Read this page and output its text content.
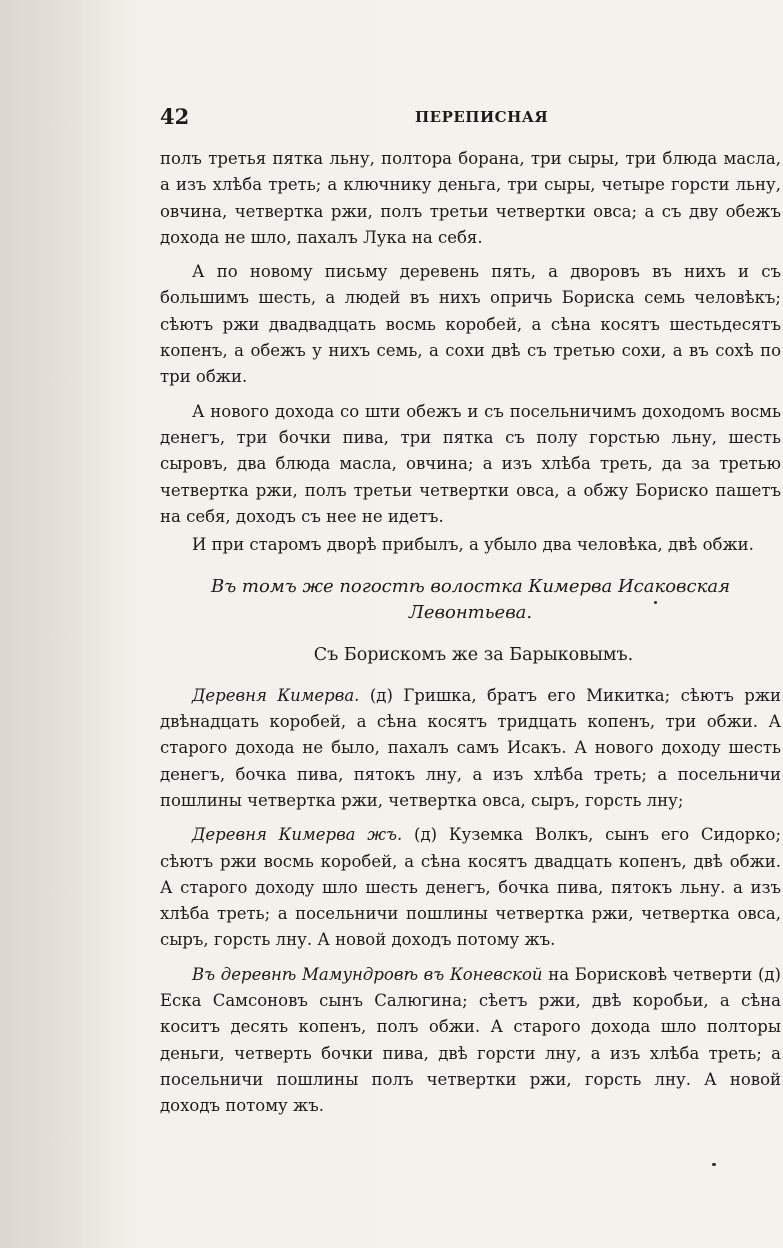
42	ПЕРЕПИСНАЯ

полъ третья пятка льну, полтора борана, три сыры, три блюда масла, а изъ хлѣба треть; а ключнику деньга, три сыры, четыре горсти льну, овчина, четвертка ржи, полъ третьи четвертки овса; а съ дву обежъ дохода не шло, пахалъ Лука на себя.

А по новому письму деревень пять, а дворовъ въ нихъ и съ большимъ шесть, а людей въ нихъ опричь Бориска семь человѣкъ; сѣютъ ржи двадвадцать восмь коробей, а сѣна косятъ шестьдесятъ копенъ, а обежъ у нихъ семь, а сохи двѣ съ третью сохи, а въ сохѣ по три обжи.

А нового дохода со шти обежъ и съ посельничимъ доходомъ восмь денегъ, три бочки пива, три пятка съ полу горстью льну, шесть сыровъ, два блюда масла, овчина; а изъ хлѣба треть, да за третью четвертка ржи, полъ третьи четвертки овса, а обжу Бориско пашетъ на себя, доходъ съ нее не идетъ.

И при старомъ дворѣ прибылъ, а убыло два человѣка, двѣ обжи.

Въ томъ же погостѣ волостка Кимерва Исаковская
Левонтьева.
Съ Борискомъ же за Барыковымъ.

Деревня Кимерва. (д) Гришка, братъ его Микитка; сѣютъ ржи двѣнадцать коробей, а сѣна косятъ тридцать копенъ, три обжи. А старого дохода не было, пахалъ самъ Исакъ. А нового доходу шесть денегъ, бочка пива, пятокъ лну, а изъ хлѣба треть; а посельничи пошлины четвертка ржи, четвертка овса, сыръ, горсть лну;

Деревня Кимерва жъ. (д) Куземка Волкъ, сынъ его Сидорко; сѣютъ ржи восмь коробей, а сѣна косятъ двадцать копенъ, двѣ обжи. А старого доходу шло шесть денегъ, бочка пива, пятокъ льну. а изъ хлѣба треть; а посельничи пошлины четвертка ржи, четвертка овса, сыръ, горсть лну. А новой доходъ потому жъ.

Въ деревнѣ Мамундровѣ въ Коневской на Борисковѣ четверти (д) Еска Самсоновъ сынъ Салюгина; сѣетъ ржи, двѣ коробьи, а сѣна коситъ десять копенъ, полъ обжи. А старого дохода шло полторы деньги, четверть бочки пива, двѣ горсти лну, а изъ хлѣба треть; а посельничи пошлины полъ четвертки ржи, горсть лну. А новой доходъ потому жъ.
